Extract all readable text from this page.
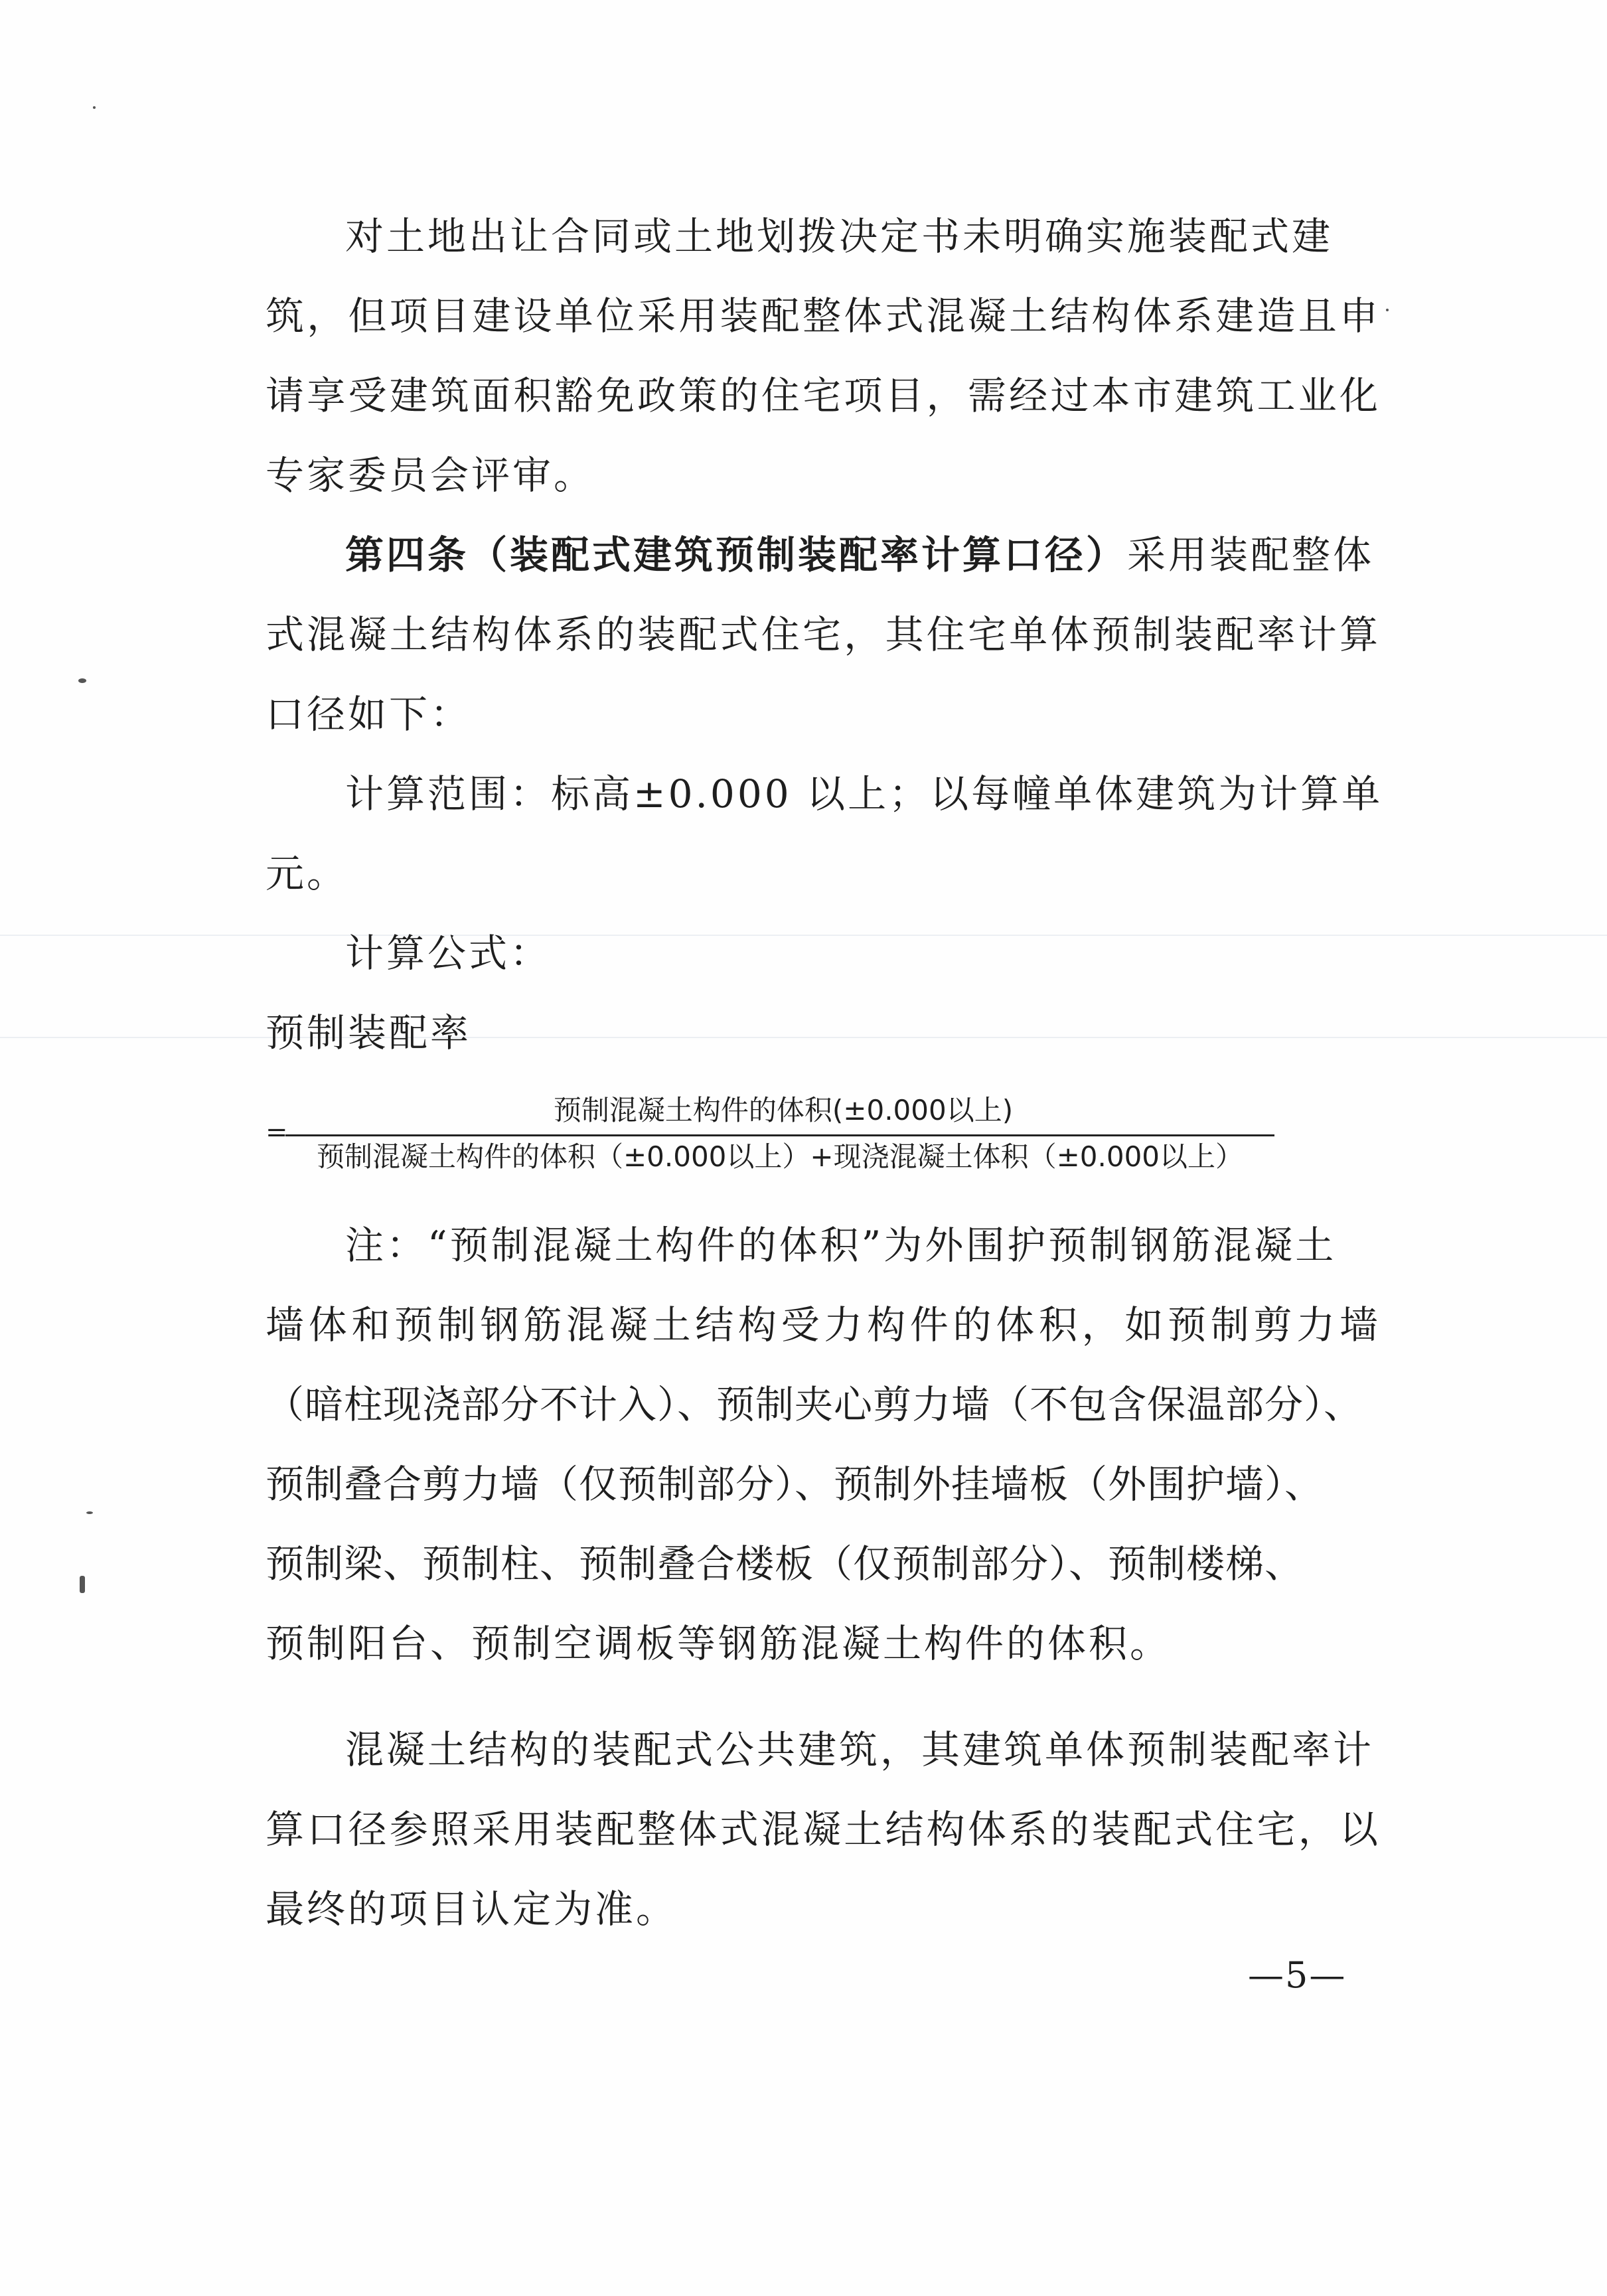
对土地出让合同或土地划拨决定书未明确实施装配式建
筑，但项目建设单位采用装配整体式混凝土结构体系建造且申
请享受建筑面积豁免政策的住宅项目，需经过本市建筑工业化
专家委员会评审。
第四条（装配式建筑预制装配率计算口径）采用装配整体
式混凝土结构体系的装配式住宅，其住宅单体预制装配率计算
口径如下：
计算范围：标高±0.000 以上；以每幢单体建筑为计算单
元。
计算公式：
预制装配率
=
预制混凝土构件的体积(±0.000以上)
预制混凝土构件的体积（±0.000以上）+现浇混凝土体积（±0.000以上）
注：“预制混凝土构件的体积”为外围护预制钢筋混凝土
墙体和预制钢筋混凝土结构受力构件的体积，如预制剪力墙
（暗柱现浇部分不计入）、预制夹心剪力墙（不包含保温部分）、
预制叠合剪力墙（仅预制部分）、预制外挂墙板（外围护墙）、
预制梁、预制柱、预制叠合楼板（仅预制部分）、预制楼梯、
预制阳台、预制空调板等钢筋混凝土构件的体积。
混凝土结构的装配式公共建筑，其建筑单体预制装配率计
算口径参照采用装配整体式混凝土结构体系的装配式住宅，以
最终的项目认定为准。
—5—
